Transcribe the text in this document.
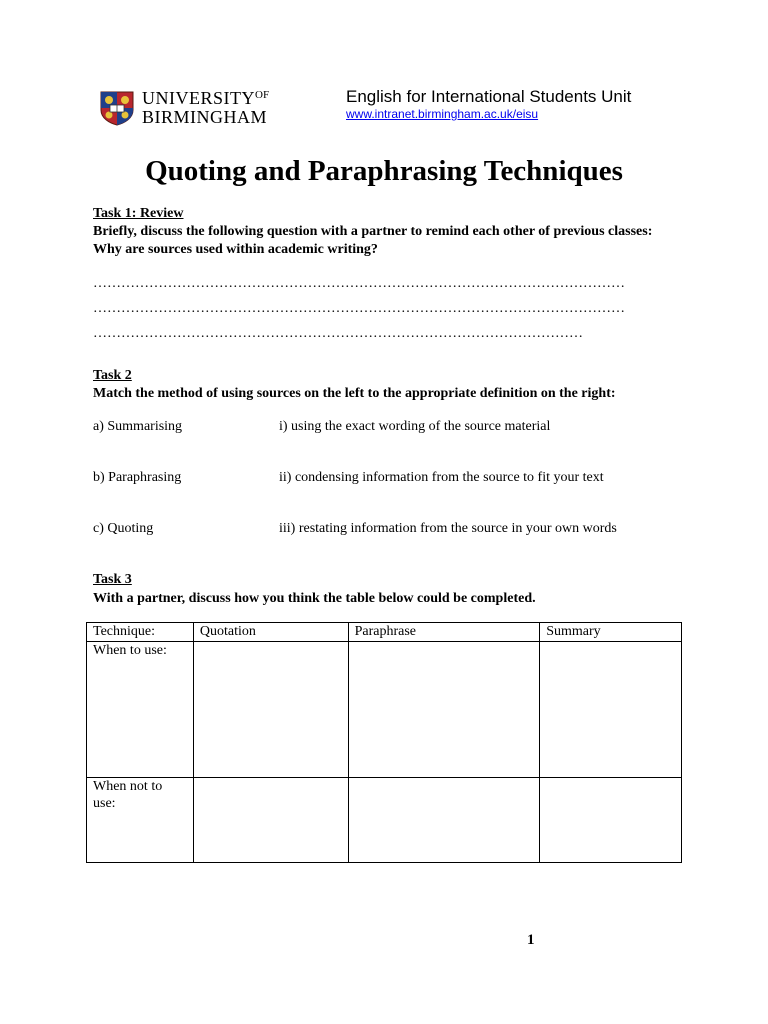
$UNIVERSITY^{OF}$
BIRMINGHAM
English for International Students Unit
www.intranet.birmingham.ac.uk/eisu
Quoting and Paraphrasing Techniques
Task 1: Review
Briefly, discuss the following question with a partner to remind each other of previous classes: Why are sources used within academic writing?
……………………………………………………………………………………………………
……………………………………………………………………………………………………
……………………………………………………………………………………………
Task 2
Match the method of using sources on the left to the appropriate definition on the right:
a) Summarising	i) using the exact wording of the source material
b) Paraphrasing	ii) condensing information from the source to fit your text
c) Quoting	iii) restating information from the source in your own words
Task 3
With a partner, discuss how you think the table below could be completed.
Technique:	Quotation	Paraphrase	Summary
When to use:			
When not to use:			
1
